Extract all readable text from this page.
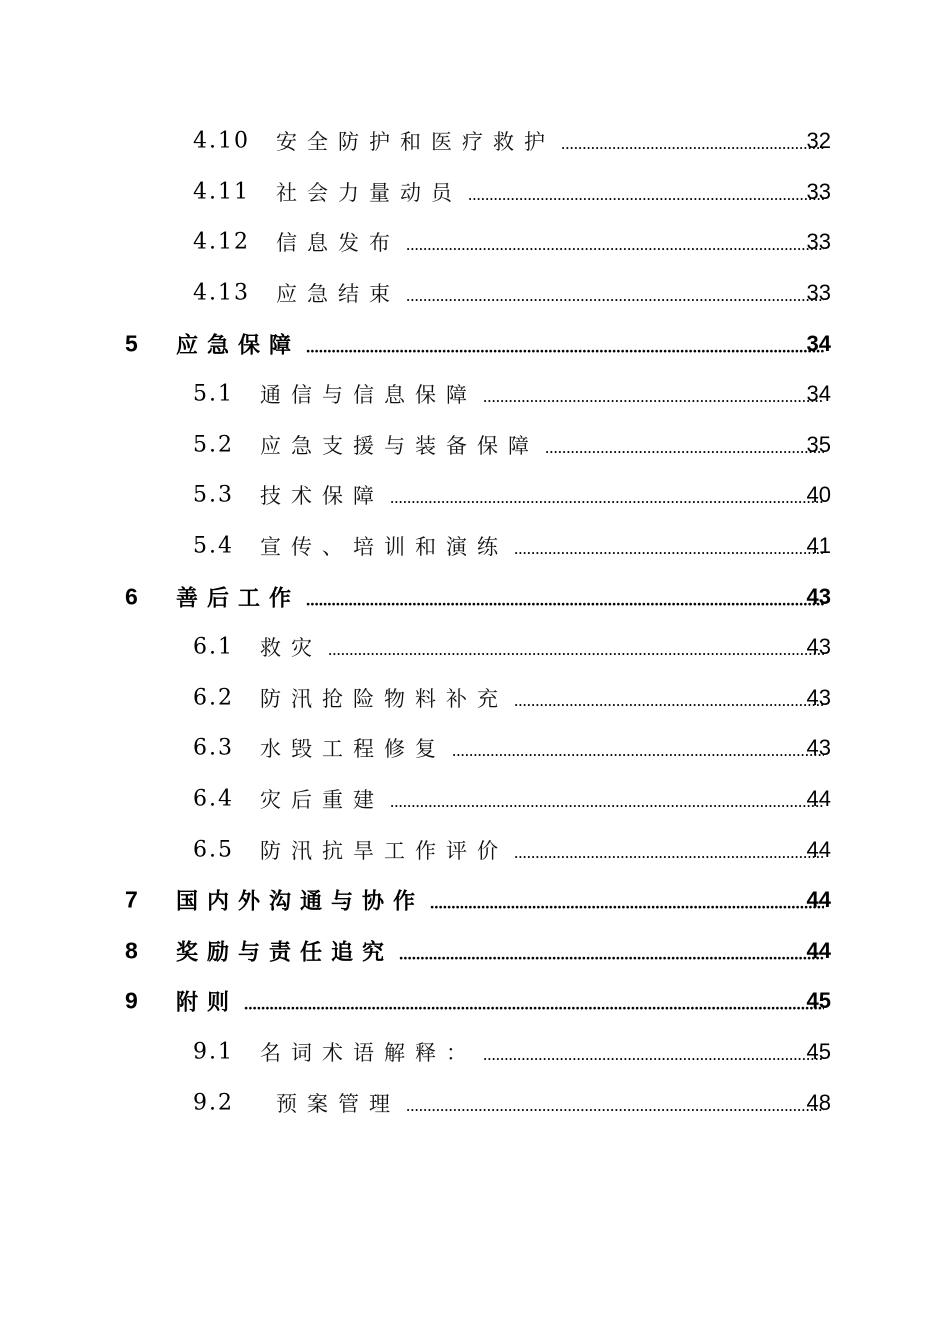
4.10 安全防护和医疗救护 .....	32
4.11 社会力量动员 .....	33
4.12 信息发布 .....	33
4.13 应急结束 .....	33
5 应急保障 .....	34
5.1 通信与信息保障 .....	34
5.2 应急支援与装备保障 .....	35
5.3 技术保障 .....	40
5.4 宣传、培训和演练 .....	41
6 善后工作 .....	43
6.1 救灾 .....	43
6.2 防汛抢险物料补充 .....	43
6.3 水毁工程修复 .....	43
6.4 灾后重建 .....	44
6.5 防汛抗旱工作评价 .....	44
7 国内外沟通与协作 .....	44
8 奖励与责任追究 .....	44
9 附则 .....	45
9.1 名词术语解释： .....	45
9.2 预案管理 .....	48
